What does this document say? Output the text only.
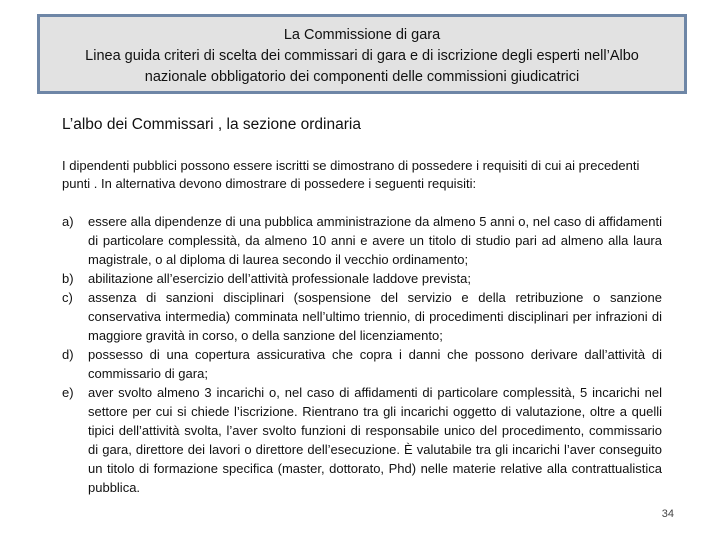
La Commissione di gara
Linea guida criteri di scelta dei commissari di gara e di iscrizione degli esperti nell’Albo
nazionale obbligatorio dei componenti delle commissioni giudicatrici
L’albo dei Commissari , la sezione ordinaria
I dipendenti pubblici possono essere iscritti se dimostrano di possedere i requisiti di cui ai precedenti punti . In alternativa devono dimostrare di possedere i seguenti requisiti:
a)	essere alla dipendenze di una pubblica amministrazione da almeno 5 anni o, nel caso di affidamenti di particolare complessità, da almeno 10 anni e avere un titolo di studio pari ad almeno alla laura magistrale, o al diploma di laurea secondo il vecchio ordinamento;
b)	abilitazione all’esercizio dell’attività professionale laddove prevista;
c)	assenza di sanzioni disciplinari (sospensione del servizio e della retribuzione o sanzione conservativa intermedia) comminata nell’ultimo triennio, di procedimenti disciplinari per infrazioni di maggiore gravità in corso, o della sanzione del licenziamento;
d)	possesso di una copertura assicurativa che copra i danni che possono derivare dall’attività di commissario di gara;
e)	aver svolto almeno 3 incarichi o, nel caso di affidamenti di particolare complessità, 5 incarichi nel settore per cui si chiede l’iscrizione. Rientrano tra gli incarichi oggetto di valutazione, oltre a quelli tipici dell’attività svolta, l’aver svolto funzioni di responsabile unico del procedimento, commissario di gara, direttore dei lavori o direttore dell’esecuzione. È valutabile tra gli incarichi l’aver conseguito un titolo di formazione specifica (master, dottorato, Phd) nelle materie relative alla contrattualistica pubblica.
34
